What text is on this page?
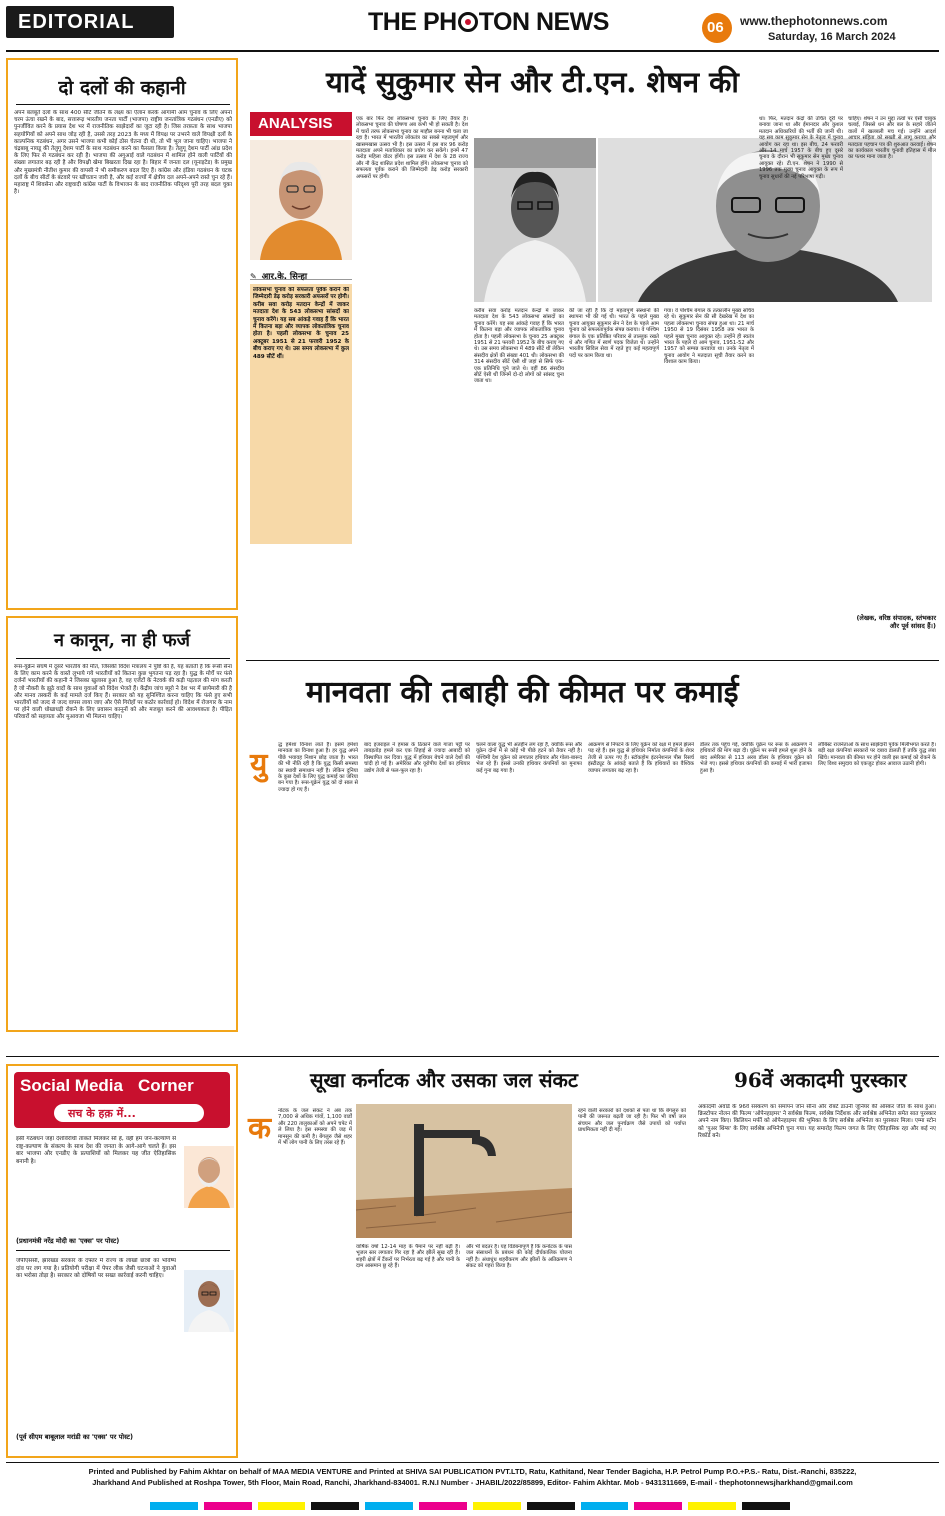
EDITORIAL	THE PH TON NEWS	06 www.thephotonnews.com
Saturday, 16 March 2024
दो दलों की कहानी
अपने बलबूते दलों के साथ 400 सीटें जीतने के लक्ष्य का ऐलान करके आगामी आम चुनाव के लिए अपना चरम ऊंचा रखने के बाद, सत्तारूढ़ भारतीय जनता पार्टी (भाजपा) राष्ट्रीय जनतांत्रिक गठबंधन (एनडीए) को पुनर्जीवित करने के प्रयास देश भर में राजनीतिक साझेदारों का जुटा रही है। जिस तरफ़ता के साथ भाजपा सहयोगियों को अपने साथ जोड़ रही है, उससे तरह 2023 के मध्य में विपक्ष पर उभरने वाले विपक्षी दलों के काल्पनिक गठबंधन, अगर उसने भाजपा कभी कोई ठोस चेतना दी थी, तो भी भूल जाना चाहिए। भाजपा ने चंद्रबाबू नायडू की तेलुगू देशम पार्टी के साथ गठबंधन करने का फैसला किया है। तेलुगू देशम पार्टी आंध्र प्रदेश के लिए फिर से गठबंधन कर रही है। भाजपा की अगुआई वाले गठबंधन में शामिल होने वाली पार्टियों की संख्या लगातार बढ़ रही है और विपक्षी खेमा बिखरता दिख रहा है। बिहार में जनता दल (यूनाइटेड) के प्रमुख और मुख्यमंत्री नीतीश कुमार की वापसी ने भी समीकरण बदल दिए हैं। कांग्रेस और इंडिया गठबंधन के घटक दलों के बीच सीटों के बंटवारे पर खींचतान जारी है, और कई राज्यों में क्षेत्रीय दल अपने-अपने रास्ते चुन रहे हैं। महाराष्ट्र में शिवसेना और राष्ट्रवादी कांग्रेस पार्टी के विभाजन के बाद राजनीतिक परिदृश्य पूरी तरह बदल चुका है।
न कानून, ना ही फर्ज
रूस-यूक्रेन संघर्ष में दूसरे भारतीय की मौत, जिसकी विदेश मंत्रालय ने पुष्टि की है, यह बताती है कि रूसी सेना के लिए काम करने के वास्ते लुभाये गये भारतीयों को कितना कुछ भुगतना पड़ रहा है। युद्ध के मोर्चे पर फंसे दर्जनों भारतीयों की कहानी ने जिसका खुलासा हुआ है, वह एजेंटों के नेटवर्क की कड़ी पड़ताल की मांग करती है जो नौकरी के झूठे वादों के साथ युवाओं को विदेश भेजते हैं। केंद्रीय जांच ब्यूरो ने देश भर में छापेमारी की है और मानव तस्करी के कई मामले दर्ज किए हैं। सरकार को यह सुनिश्चित करना चाहिए कि फंसे हुए सभी भारतीयों को जल्द से जल्द वापस लाया जाए और ऐसे गिरोहों पर कठोर कार्रवाई हो। विदेश में रोजगार के नाम पर होने वाली धोखाधड़ी रोकने के लिए प्रवासन कानूनों को और मजबूत करने की आवश्यकता है। पीड़ित परिवारों को सहायता और मुआवजा भी मिलना चाहिए।
यादें सुकुमार सेन और टी.एन. शेषन की
ANALYSIS
✎ आर.के. सिन्हा
लोकसभा चुनाव को सफलता पूर्वक कराने की जिम्मेदारी डेढ़ करोड़ सरकारी अफसरों पर होगी। करीब सवा करोड़ मतदान केन्द्रों में जाकर मतदाता देश के 543 लोकसभा सांसदों का चुनाव करेंगे। यह सब आंकड़े गवाह हैं कि भारत में कितना बड़ा और व्यापक लोकतांत्रिक चुनाव होता है। पहली लोकसभा के चुनाव 25 अक्टूबर 1951 से 21 फरवरी 1952 के बीच कराए गए थे। उस समय लोकसभा में कुल 489 सीटें थीं।
एक बार फिर देश लोकसभा चुनाव के लिए तैयार है। लोकसभा चुनाव की घोषणा अब कभी भी हो सकती है। देश में चारों तरफ लोकसभा चुनाव का माहौल बनना भी चला जा रहा है। भारत में भारतीय लोकतंत्र का सबसे महत्वपूर्ण और खासमखास उत्सव भी है। इस उत्सव में इस बार 96 करोड़ मतदाता अपने मताधिकार का प्रयोग कर सकेंगे। इनमें 47 करोड़ महिला वोटर होंगी। इस उत्सव में देश के 28 राज्य और नौ केंद्र शासित प्रदेश शामिल होंगे। लोकसभा चुनाव को सफलता पूर्वक कराने की जिम्मेदारी डेढ़ करोड़ सरकारी अफसरों पर होगी।
करीब सवा करोड़ मतदान केन्द्रों में जाकर मतदाता देश के 543 लोकसभा सांसदों का चुनाव करेंगे। यह सब आंकड़े गवाह हैं कि भारत में कितना बड़ा और व्यापक लोकतांत्रिक चुनाव होता है। पहली लोकसभा के चुनाव 25 अक्टूबर 1951 से 21 फरवरी 1952 के बीच कराए गए थे। उस समय लोकसभा में 489 सीटें थीं लेकिन संसदीय क्षेत्रों की संख्या 401 थी। लोकसभा की 314 संसदीय सीटें ऐसी थीं जहां से सिर्फ एक-एक प्रतिनिधि चुने जाते थे। वहीं 86 संसदीय सीटें ऐसी थीं जिनमें दो-दो लोगों को सांसद चुना जाता था।
की जा रही है कि दो महत्वपूर्ण संस्थानों की स्थापना भी की गई थी। भारत के पहले मुख्य चुनाव आयुक्त सुकुमार सेन ने देश के पहले आम चुनाव को सफलतापूर्वक संपन्न कराया। वे पश्चिम बंगाल के एक प्रतिष्ठित परिवार से ताल्लुक रखते थे और गणित में स्वर्ण पदक विजेता थे। उन्होंने भारतीय सिविल सेवा में रहते हुए कई महत्वपूर्ण पदों पर काम किया था।
गया। वे पश्चिम बंगाल के तत्कालीन मुख्य सचिव रहे थे। सुकुमार सेन की सी देखरेख में देश का पहला लोकसभा चुनाव संपन्न हुआ था। 21 मार्च 1950 से 19 दिसंबर 1958 तक भारत के पहले मुख्य चुनाव आयुक्त रहे। उन्होंने ही स्वतंत्र भारत के पहले दो आम चुनाव, 1951-52 और 1957 को सम्पन्न करवाया था। उनके नेतृत्व में चुनाव आयोग ने मतदाता सूची तैयार करने का विशाल काम किया।
था। फिर, मतदान केंद्रों की उचित दूरी पर बनाया जाना था और ईमानदार और कुशल मतदान अधिकारियों की भर्ती की जानी थी। यह सब काम सुकुमार सेन के नेतृत्व में चुनाव आयोग कर रहा था। इस बीच, 24 फरवरी और 14 मार्च 1957 के बीच हुए दूसरे चुनाव के दौरान भी सुकुमार सेन मुख्य चुनाव आयुक्त रहे। टी.एन. शेषन ने 1990 से 1996 तक मुख्य चुनाव आयुक्त के रूप में चुनाव सुधारों की नई परिभाषा गढ़ी।
चाहिए। शेषन ने उन मुद्दा तत्वों पर ऐसी चाबुक चलाई, जिससे धन और बल के सहारे जीतने वालों में खलबली मच गई। उन्होंने आदर्श आचार संहिता को सख्ती से लागू कराया और मतदाता पहचान पत्र की शुरुआत करवाई। शेषन का कार्यकाल भारतीय चुनावी इतिहास में मील का पत्थर माना जाता है।
(लेखक, वरिष्ठ संपादक, स्तंभकार और पूर्व सांसद हैं।)
मानवता की तबाही की कीमत पर कमाई
यु
द्ध हमेशा विनाश लाते हैं। इसमें हमेशा मानवता का विनाश हुआ है। हर युद्ध अपने पीछे भयावह निशान छोड़ जाता है। भारत की भी नीति रही है कि युद्ध किसी समस्या का स्थायी समाधान नहीं है। लेकिन दुनिया के कुछ देशों के लिए युद्ध कमाई का जरिया बन गया है। रूस-यूक्रेन युद्ध को दो साल से ज्यादा हो गए हैं।
बाद इजराइल ने हमास के ठिकाने वाले गाजा पट्टी पर ताबड़तोड़ हमले कर एक तिहाई से ज्यादा आबादी को विस्थापित कर दिया। युद्ध में हथियार बेचने वाले देशों की चांदी हो गई है। अमेरिका और यूरोपीय देशों का हथियार उद्योग तेजी से फल-फूल रहा है।
चलने वाला युद्ध भी अंतहीन लग रहा है, क्योंकि रूस और यूक्रेन दोनों में से कोई भी पीछे हटने को तैयार नहीं है। पश्चिमी देश यूक्रेन को लगातार हथियार और गोला-बारूद भेज रहे हैं। इससे उनकी हथियार कंपनियों का मुनाफा कई गुना बढ़ गया है।
आक्रमण से निपटने के लिए यूक्रेन को रक्षा में हमले झेलने पड़ रहे हैं। इस युद्ध से हथियार निर्माता कंपनियों के शेयर तेजी से ऊपर गए हैं। स्टॉकहोम इंटरनेशनल पीस रिसर्च इंस्टीट्यूट के आंकड़े बताते हैं कि हथियारों का वैश्विक व्यापार लगातार बढ़ रहा है।
डॉलर तक पहुंच गई, क्योंकि यूक्रेन पर रूस के आक्रमण ने हथियारों की मांग बढ़ा दी। यूक्रेन पर रूसी हमले शुरू होने के बाद अमेरिका से 113 अरब डॉलर के हथियार यूक्रेन को भेजे गए। इससे हथियार कंपनियों की कमाई में भारी इजाफा हुआ है।
लॉबिस्ट राजनेताओं के साथ साझेदारी पूर्वक मिलीभगत करते हैं। बड़ी रक्षा कंपनियां सरकारों पर दबाव डालती हैं ताकि युद्ध लंबा खिंचे। मानवता की कीमत पर होने वाली इस कमाई को रोकने के लिए विश्व समुदाय को एकजुट होकर आवाज उठानी होगी।
Social Media Corner
सच के हक़ में...
इसी गठबंधन जहां देशविरोधी ताकतें मिलकर सौ हैं, वहीं हम जन-कल्याण से राष्ट्र-कल्याण के संकल्प के साथ देश की जनता के आगे-आगे चलते हैं। इस बार भाजपा और एनडीए के प्रत्याशियों को मिलकर यह जीत ऐतिहासिक बनानी है।
(प्रधानमंत्री नरेंद्र मोदी का 'एक्स' पर पोस्ट)
जेपीएससी, झारखंड सरकार के दफ्तर में राज्य के लाखों छात्रों का भविष्य दांव पर लग गया है। प्रतियोगी परीक्षा में पेपर लीक जैसी घटनाओं ने युवाओं का भरोसा तोड़ा है। सरकार को दोषियों पर सख्त कार्रवाई करनी चाहिए।
(पूर्व सीएम बाबूलाल मरांडी का 'एक्स' पर पोस्ट)
सूखा कर्नाटक और उसका जल संकट
क र्नाटक के जल संकट ने अब तक 7,000 से अधिक गांवों, 1,100 वार्डों और 220 तालुकाओं को अपने चपेट में ले लिया है। इस समस्या की जड़ में मानसून की कमी है। बेंगलुरु जैसे शहर में भी लोग पानी के लिए तरस रहे हैं।
वार्षिक वर्षा 12-14 माह के पैमाने पर नहीं बढ़ी है। भूजल स्तर लगातार गिर रहा है और झीलें सूख रही हैं। शहरी क्षेत्रों में टैंकरों पर निर्भरता बढ़ गई है और पानी के दाम आसमान छू रहे हैं।
और भी बदतर है। यह विडंबनापूर्ण है कि कर्नाटक के पास जल संसाधनों के प्रबंधन की कोई दीर्घकालिक योजना नहीं है। अंधाधुंध शहरीकरण और झीलों के अतिक्रमण ने संकट को गहरा किया है।
रहने वाली सरकारों को दशकों से पता था कि बेंगलुरु को पानी की जरूरत बढ़ती जा रही है। फिर भी वर्षा जल संचयन और जल पुनर्चक्रण जैसे उपायों को पर्याप्त प्राथमिकता नहीं दी गई।
96वें अकादमी पुरस्कार
अकादमी अवार्ड के 96वें संस्करण का समापन जॉन सीना और रॉबर्ट डाउनी जूनियर की ऑस्कर जीत के साथ हुआ। क्रिस्टोफर नोलन की फिल्म 'ओपेनहाइमर' ने सर्वश्रेष्ठ फिल्म, सर्वश्रेष्ठ निर्देशक और सर्वश्रेष्ठ अभिनेता समेत सात पुरस्कार अपने नाम किए। किलियन मर्फी को ओपेनहाइमर की भूमिका के लिए सर्वश्रेष्ठ अभिनेता का पुरस्कार मिला। एम्मा स्टोन को 'पुअर थिंग्स' के लिए सर्वश्रेष्ठ अभिनेत्री चुना गया। यह समारोह फिल्म जगत के लिए ऐतिहासिक रहा और कई नए रिकॉर्ड बने।
Printed and Published by Fahim Akhtar on behalf of MAA MEDIA VENTURE and Printed at SHIVA SAI PUBLICATION PVT.LTD, Ratu, Kathitand, Near Tender Bagicha, H.P. Petrol Pump P.O.+P.S.- Ratu, Dist.-Ranchi, 835222,
Jharkhand And Published at Roshpa Tower, 5th Floor, Main Road, Ranchi, Jharkhand-834001. R.N.I Number - JHABIL/2022/85899, Editor- Fahim Akhtar. Mob - 9431311669, E-mail - thephotonnewsjharkhand@gmail.com
